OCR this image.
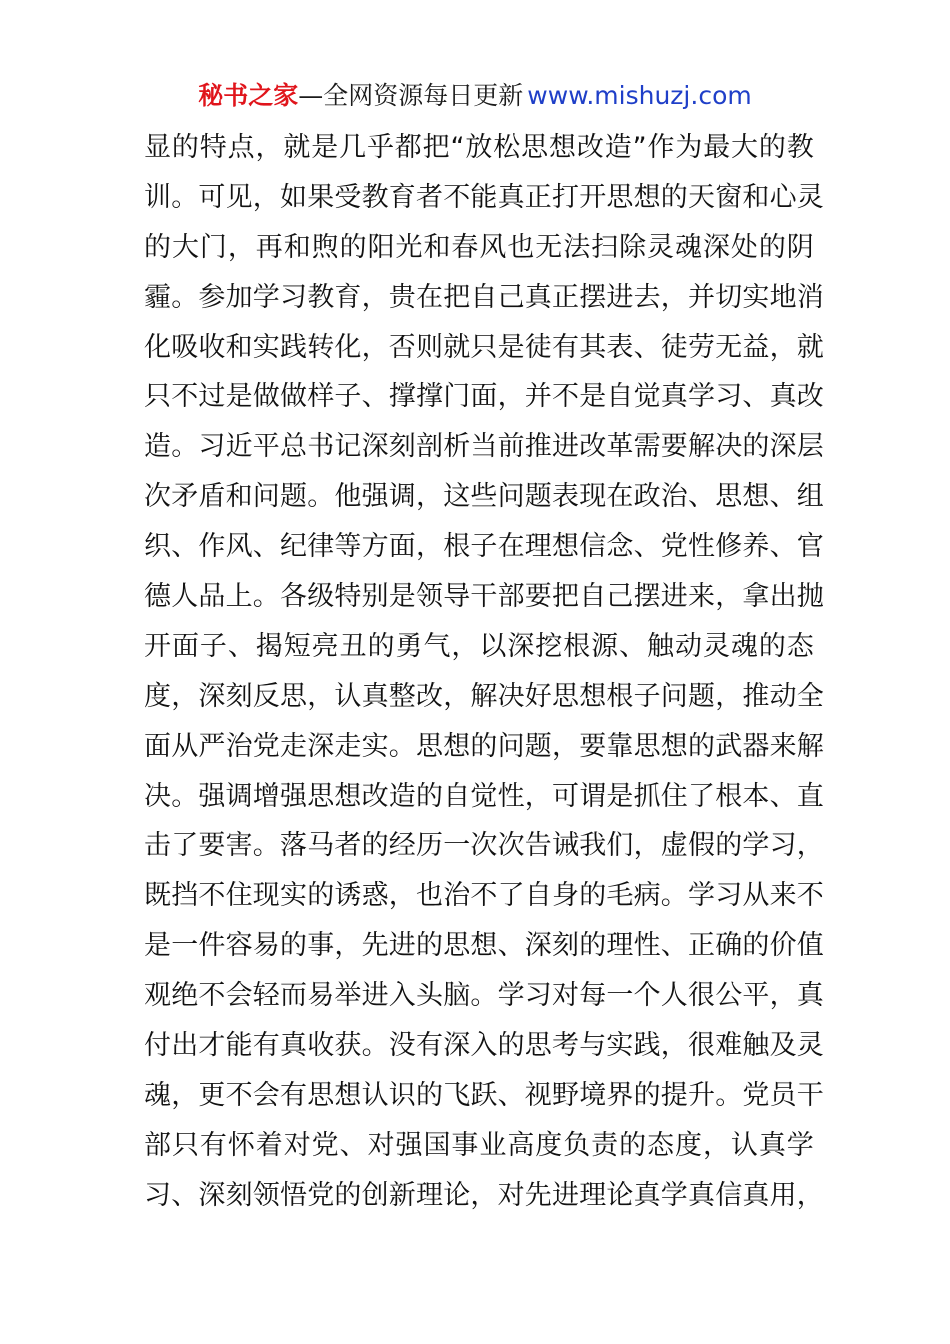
秘书之家—全网资源每日更新 www.mishuzj.com
显的特点，就是几乎都把“放松思想改造”作为最大的教
训。可见，如果受教育者不能真正打开思想的天窗和心灵
的大门，再和煦的阳光和春风也无法扫除灵魂深处的阴
霾。参加学习教育，贵在把自己真正摆进去，并切实地消
化吸收和实践转化，否则就只是徒有其表、徒劳无益，就
只不过是做做样子、撑撑门面，并不是自觉真学习、真改
造。习近平总书记深刻剖析当前推进改革需要解决的深层
次矛盾和问题。他强调，这些问题表现在政治、思想、组
织、作风、纪律等方面，根子在理想信念、党性修养、官
德人品上。各级特别是领导干部要把自己摆进来，拿出抛
开面子、揭短亮丑的勇气，以深挖根源、触动灵魂的态
度，深刻反思，认真整改，解决好思想根子问题，推动全
面从严治党走深走实。思想的问题，要靠思想的武器来解
决。强调增强思想改造的自觉性，可谓是抓住了根本、直
击了要害。落马者的经历一次次告诫我们，虚假的学习，
既挡不住现实的诱惑，也治不了自身的毛病。学习从来不
是一件容易的事，先进的思想、深刻的理性、正确的价值
观绝不会轻而易举进入头脑。学习对每一个人很公平，真
付出才能有真收获。没有深入的思考与实践，很难触及灵
魂，更不会有思想认识的飞跃、视野境界的提升。党员干
部只有怀着对党、对强国事业高度负责的态度，认真学
习、深刻领悟党的创新理论，对先进理论真学真信真用，
